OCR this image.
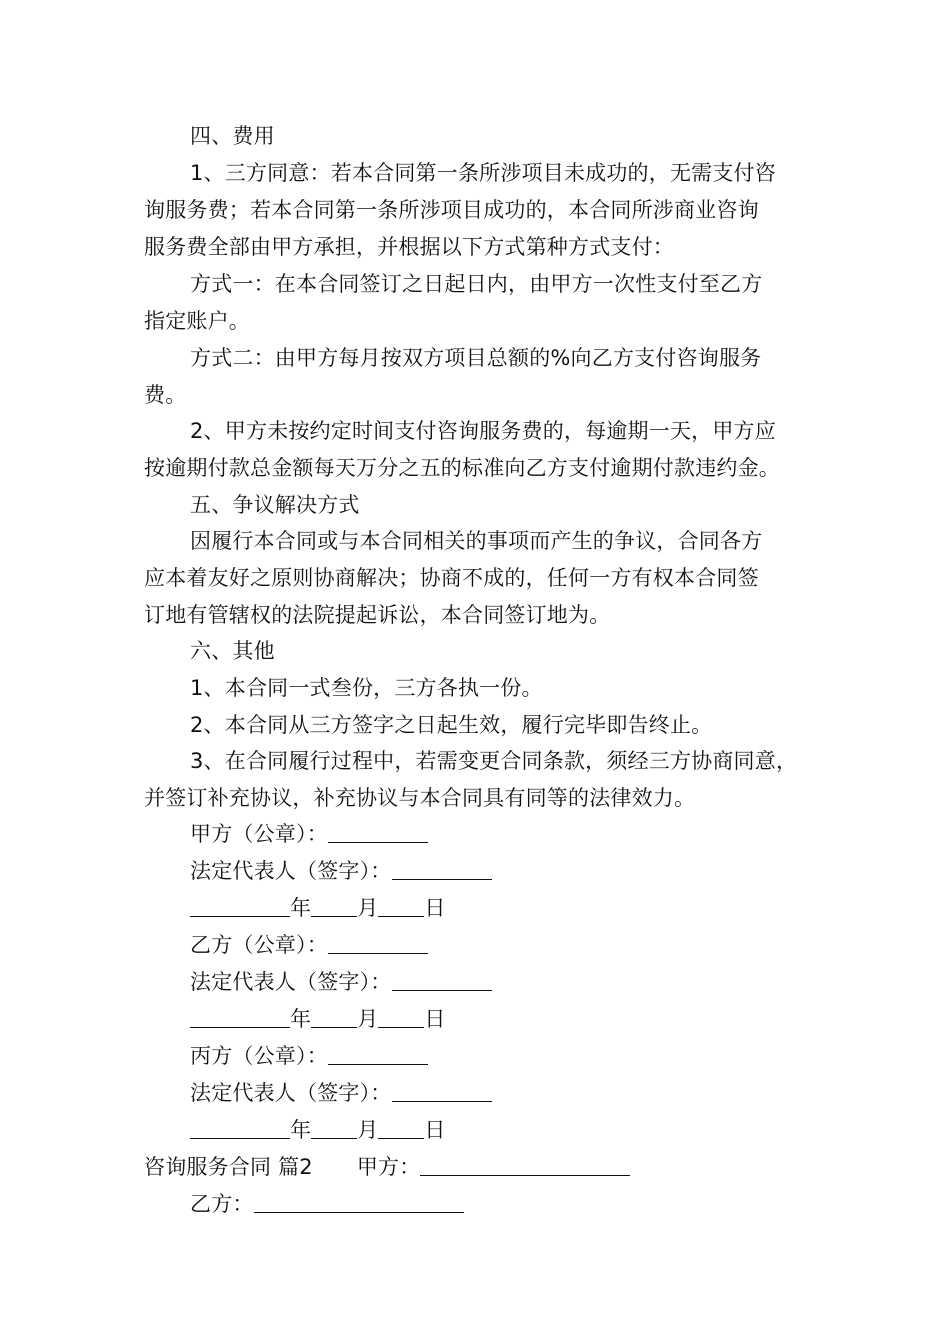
四、费用
1、三方同意：若本合同第一条所涉项目未成功的，无需支付咨
询服务费；若本合同第一条所涉项目成功的，本合同所涉商业咨询
服务费全部由甲方承担，并根据以下方式第种方式支付：
方式一：在本合同签订之日起日内，由甲方一次性支付至乙方
指定账户。
方式二：由甲方每月按双方项目总额的%向乙方支付咨询服务
费。
2、甲方未按约定时间支付咨询服务费的，每逾期一天，甲方应
按逾期付款总金额每天万分之五的标准向乙方支付逾期付款违约金。
五、争议解决方式
因履行本合同或与本合同相关的事项而产生的争议，合同各方
应本着友好之原则协商解决；协商不成的，任何一方有权本合同签
订地有管辖权的法院提起诉讼，本合同签订地为。
六、其他
1、本合同一式叁份，三方各执一份。
2、本合同从三方签字之日起生效，履行完毕即告终止。
3、在合同履行过程中，若需变更合同条款，须经三方协商同意，
并签订补充协议，补充协议与本合同具有同等的法律效力。
甲方（公章）：
法定代表人（签字）：
年 月 日
乙方（公章）：
法定代表人（签字）：
年 月 日
丙方（公章）：
法定代表人（签字）：
年 月 日
咨询服务合同 篇2 甲方：
乙方：
